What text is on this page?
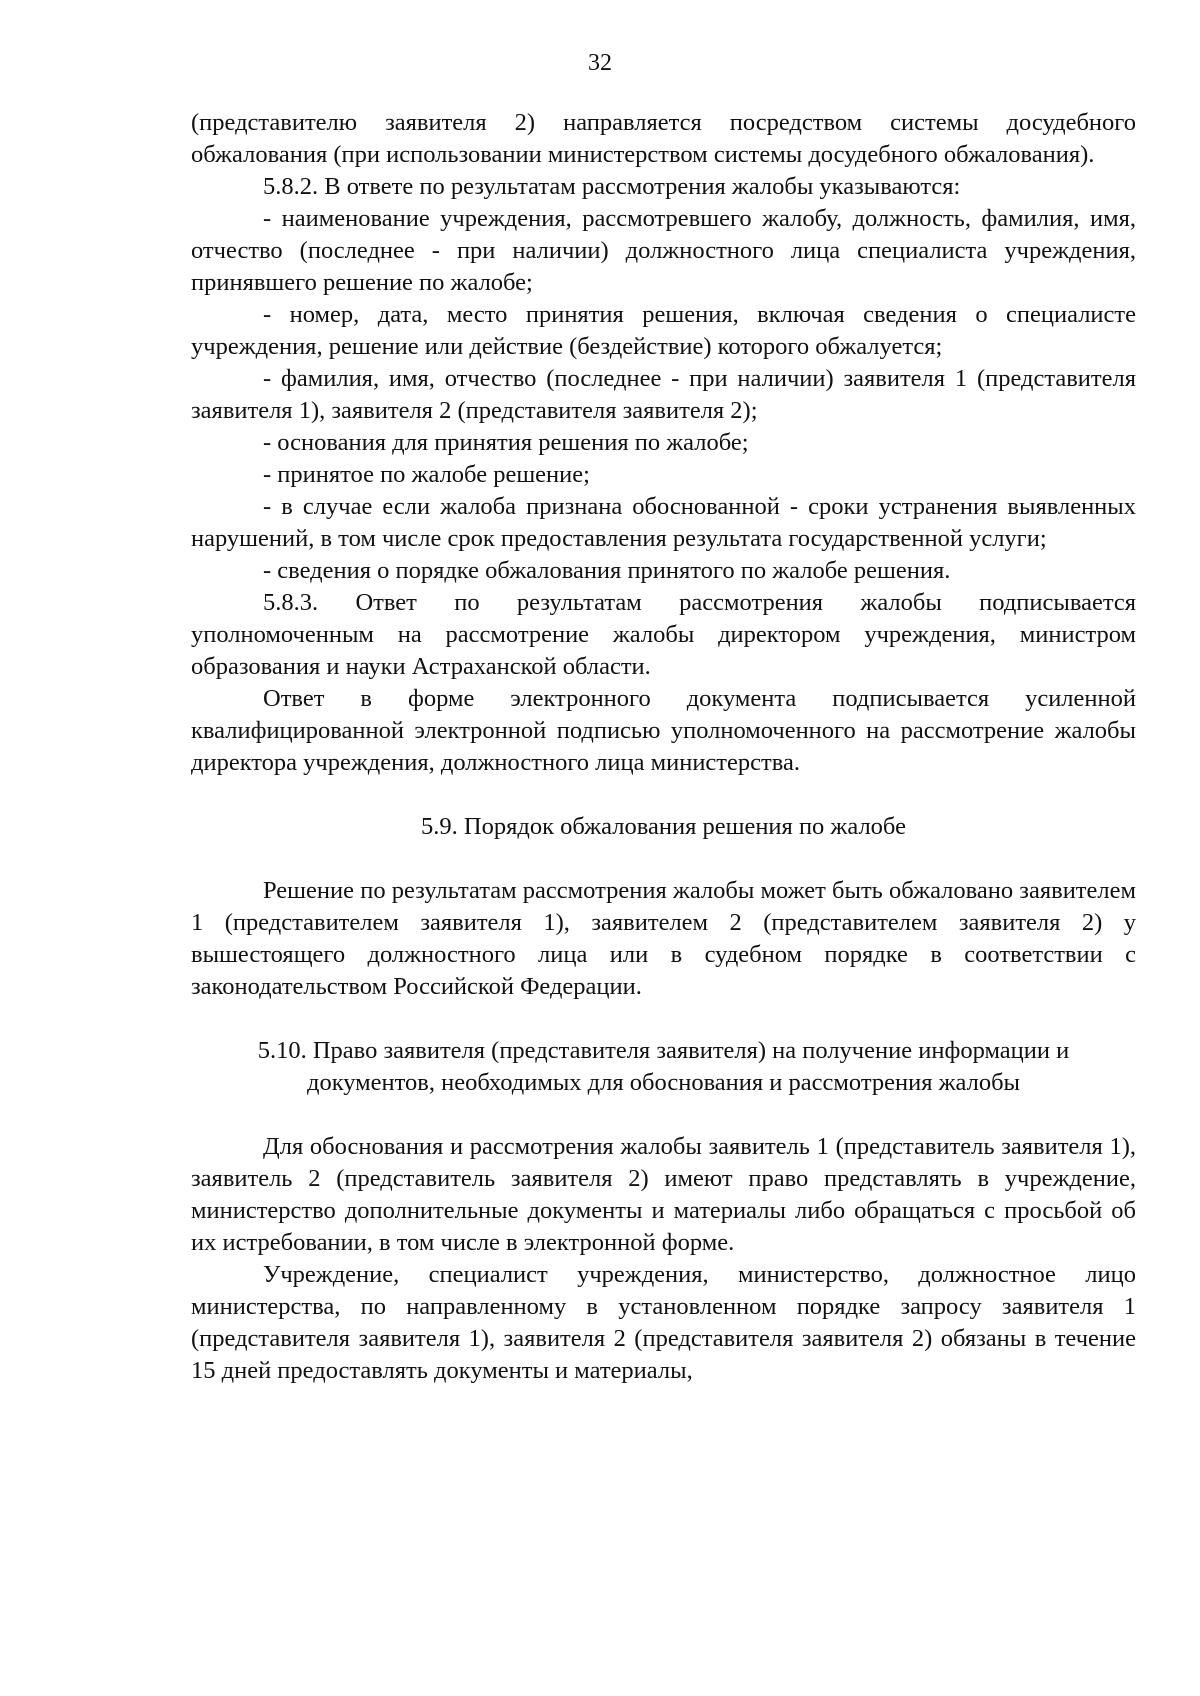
32

(представителю заявителя 2) направляется посредством системы досудебного обжалования (при использовании министерством системы досудебного обжалования).

5.8.2. В ответе по результатам рассмотрения жалобы указываются:

- наименование учреждения, рассмотревшего жалобу, должность, фамилия, имя, отчество (последнее - при наличии) должностного лица специалиста учреждения, принявшего решение по жалобе;

- номер, дата, место принятия решения, включая сведения о специалисте учреждения, решение или действие (бездействие) которого обжалуется;

- фамилия, имя, отчество (последнее - при наличии) заявителя 1 (представителя заявителя 1), заявителя 2 (представителя заявителя 2);

- основания для принятия решения по жалобе;

- принятое по жалобе решение;

- в случае если жалоба признана обоснованной - сроки устранения выявленных нарушений, в том числе срок предоставления результата государственной услуги;

- сведения о порядке обжалования принятого по жалобе решения.

5.8.3. Ответ по результатам рассмотрения жалобы подписывается уполномоченным на рассмотрение жалобы директором учреждения, министром образования и науки Астраханской области.

Ответ в форме электронного документа подписывается усиленной квалифицированной электронной подписью уполномоченного на рассмотрение жалобы директора учреждения, должностного лица министерства.

5.9. Порядок обжалования решения по жалобе

Решение по результатам рассмотрения жалобы может быть обжаловано заявителем 1 (представителем заявителя 1), заявителем 2 (представителем заявителя 2) у вышестоящего должностного лица или в судебном порядке в соответствии с законодательством Российской Федерации.

5.10. Право заявителя (представителя заявителя) на получение информации и документов, необходимых для обоснования и рассмотрения жалобы

Для обоснования и рассмотрения жалобы заявитель 1 (представитель заявителя 1), заявитель 2 (представитель заявителя 2) имеют право представлять в учреждение, министерство дополнительные документы и материалы либо обращаться с просьбой об их истребовании, в том числе в электронной форме.

Учреждение, специалист учреждения, министерство, должностное лицо министерства, по направленному в установленном порядке запросу заявителя 1 (представителя заявителя 1), заявителя 2 (представителя заявителя 2) обязаны в течение 15 дней предоставлять документы и материалы,
